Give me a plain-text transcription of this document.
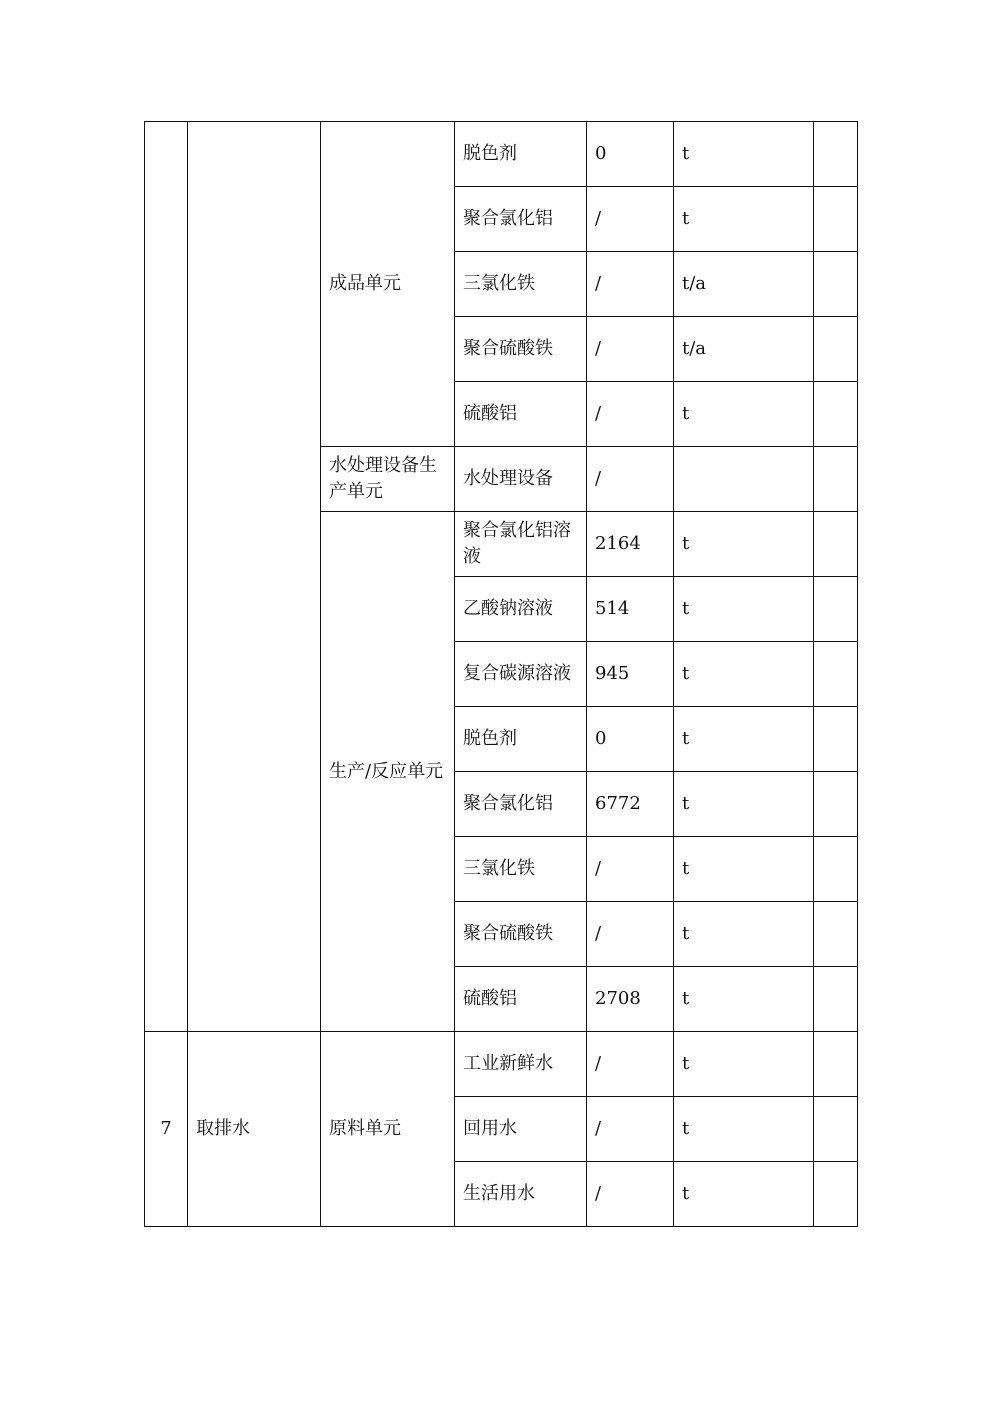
		成品单元	脱色剂	0	t	
			聚合氯化铝	/	t	
			三氯化铁	/	t/a	
			聚合硫酸铁	/	t/a	
			硫酸铝	/	t	
		水处理设备生产单元	水处理设备	/		
		生产/反应单元	聚合氯化铝溶液	2164	t	
			乙酸钠溶液	514	t	
			复合碳源溶液	945	t	
			脱色剂	0	t	
			聚合氯化铝	6772	t	
			三氯化铁	/	t	
			聚合硫酸铁	/	t	
			硫酸铝	2708	t	
7	取排水	原料单元	工业新鲜水	/	t	
			回用水	/	t	
			生活用水	/	t	
